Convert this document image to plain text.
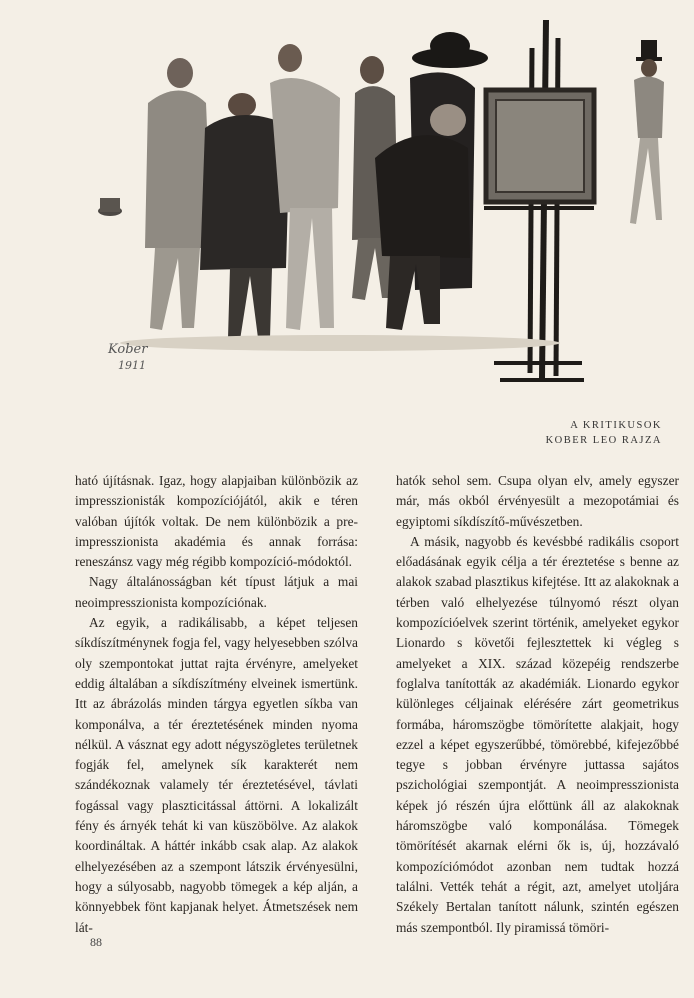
Kober
1911
A KRITIKUSOK
KOBER LEO RAJZA

ható újításnak. Igaz, hogy alapjaiban különbözik az impresszionisták kompozíciójától, akik e téren valóban újítók voltak. De nem különbözik a pre-impresszionista akadémia és annak forrása: reneszánsz vagy még régibb kompozíció-módoktól.

Nagy általánosságban két típust látjuk a mai neoimpresszionista kompozíciónak.

Az egyik, a radikálisabb, a képet teljesen síkdíszítménynek fogja fel, vagy helyesebben szólva oly szempontokat juttat rajta érvényre, amelyeket eddig általában a síkdíszítmény elveinek ismertünk. Itt az ábrázolás minden tárgya egyetlen síkba van komponálva, a tér éreztetésének minden nyoma nélkül. A vásznat egy adott négyszögletes területnek fogják fel, amelynek sík karakterét nem szándékoznak valamely tér éreztetésével, távlati fogással vagy plaszticitással áttörni. A lokalizált fény és árnyék tehát ki van küszöbölve. Az alakok koordináltak. A háttér inkább csak alap. Az alakok elhelyezésében az a szempont látszik érvényesülni, hogy a súlyosabb, nagyobb tömegek a kép alján, a könnyebbek fönt kapjanak helyet. Átmetszések nem lát-

hatók sehol sem. Csupa olyan elv, amely egyszer már, más okból érvényesült a mezopotámiai és egyiptomi síkdíszítő-művészetben.

A másik, nagyobb és kevésbbé radikális csoport előadásának egyik célja a tér éreztetése s benne az alakok szabad plasztikus kifejtése. Itt az alakoknak a térben való elhelyezése túlnyomó részt olyan kompozícióelvek szerint történik, amelyeket egykor Lionardo s követői fejlesztettek ki végleg s amelyeket a XIX. század közepéig rendszerbe foglalva tanították az akadémiák. Lionardo egykor különleges céljainak elérésére zárt geometrikus formába, háromszögbe tömörítette alakjait, hogy ezzel a képet egyszerűbbé, tömörebbé, kifejezőbbé tegye s jobban érvényre juttassa sajátos pszichológiai szempontját. A neoimpresszionista képek jó részén újra előttünk áll az alakoknak háromszögbe való komponálása. Tömegek tömörítését akarnak elérni ők is, új, hozzávaló kompozíciómódot azonban nem tudtak hozzá találni. Vették tehát a régit, azt, amelyet utoljára Székely Bertalan tanított nálunk, szintén egészen más szempontból. Ily piramissá tömöri-

88
